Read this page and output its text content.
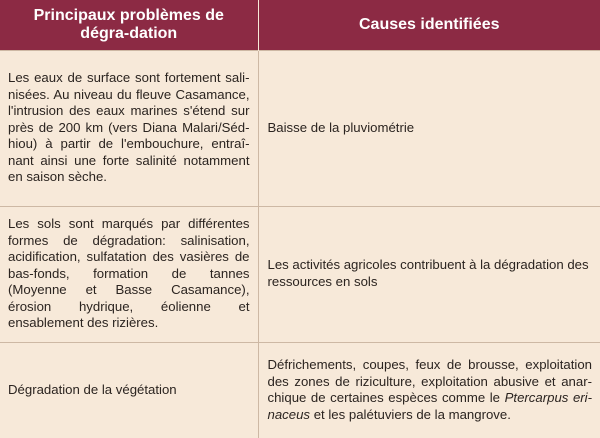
Principaux problèmes de dégra-dation	Causes identifiées
Les eaux de surface sont fortement sali-nisées. Au niveau du fleuve Casamance, l'intrusion des eaux marines s'étend sur près de 200 km (vers Diana Malari/Séd-hiou) à partir de l'embouchure, entraî-nant ainsi une forte salinité notamment en saison sèche.	Baisse de la pluviométrie
Les sols sont marqués par différentes formes de dégradation: salinisation, acidification, sulfatation des vasières de bas-fonds, formation de tannes (Moyenne et Basse Casamance), érosion hydrique, éolienne et ensablement des rizières.	Les activités agricoles contribuent à la dégradation des ressources en sols
Dégradation de la végétation	Défrichements, coupes, feux de brousse, exploitation des zones de riziculture, exploitation abusive et anar-chique de certaines espèces comme le Ptercarpus eri-naceus et les palétuviers de la mangrove.
